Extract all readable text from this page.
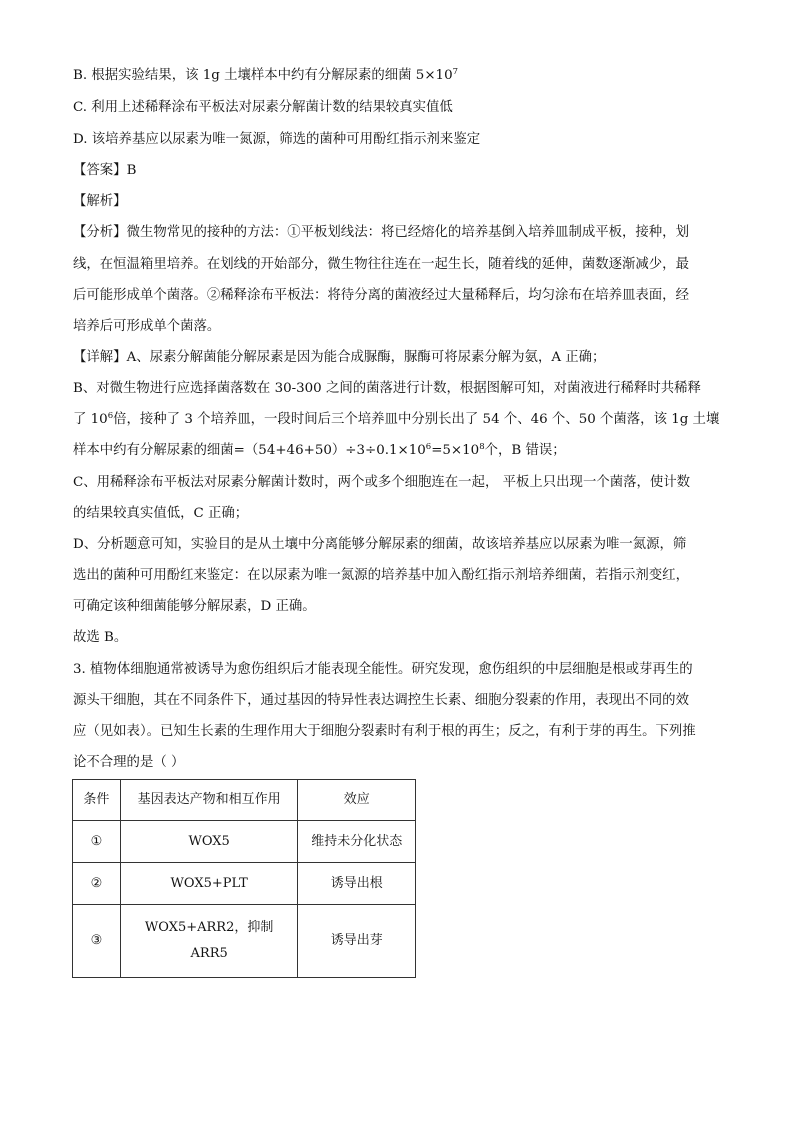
B. 根据实验结果，该 1g 土壤样本中约有分解尿素的细菌 $5\times 10^7$
C. 利用上述稀释涂布平板法对尿素分解菌计数的结果较真实值低
D. 该培养基应以尿素为唯一氮源，筛选的菌种可用酚红指示剂来鉴定
【答案】B
【解析】
【分析】微生物常见的接种的方法：①平板划线法：将已经熔化的培养基倒入培养皿制成平板，接种，划
线，在恒温箱里培养。在划线的开始部分，微生物往往连在一起生长，随着线的延伸，菌数逐渐减少，最
后可能形成单个菌落。②稀释涂布平板法：将待分离的菌液经过大量稀释后，均匀涂布在培养皿表面，经
培养后可形成单个菌落。
【详解】A、尿素分解菌能分解尿素是因为能合成脲酶，脲酶可将尿素分解为氨，A 正确；
B、对微生物进行应选择菌落数在 30-300 之间的菌落进行计数，根据图解可知，对菌液进行稀释时共稀释
了 $10^6$倍，接种了 3 个培养皿，一段时间后三个培养皿中分别长出了 54 个、46 个、50 个菌落，该 1g 土壤
样本中约有分解尿素的细菌$=(54+46+50)\div 3\div 0.1\times 10^6=5\times 10^8$个，B 错误；
C、用稀释涂布平板法对尿素分解菌计数时，两个或多个细胞连在一起， 平板上只出现一个菌落，使计数
的结果较真实值低，C 正确；
D、分析题意可知，实验目的是从土壤中分离能够分解尿素的细菌，故该培养基应以尿素为唯一氮源，筛
选出的菌种可用酚红来鉴定：在以尿素为唯一氮源的培养基中加入酚红指示剂培养细菌，若指示剂变红，
可确定该种细菌能够分解尿素，D 正确。
故选 B。
3. 植物体细胞通常被诱导为愈伤组织后才能表现全能性。研究发现，愈伤组织的中层细胞是根或芽再生的
源头干细胞，其在不同条件下，通过基因的特异性表达调控生长素、细胞分裂素的作用，表现出不同的效
应（见如表）。已知生长素的生理作用大于细胞分裂素时有利于根的再生；反之，有利于芽的再生。下列推
论不合理的是（ ）
条件	基因表达产物和相互作用	效应
①	WOX5	维持未分化状态
②	WOX5+PLT	诱导出根
③	WOX5+ARR2，抑制
ARR5	诱导出芽
